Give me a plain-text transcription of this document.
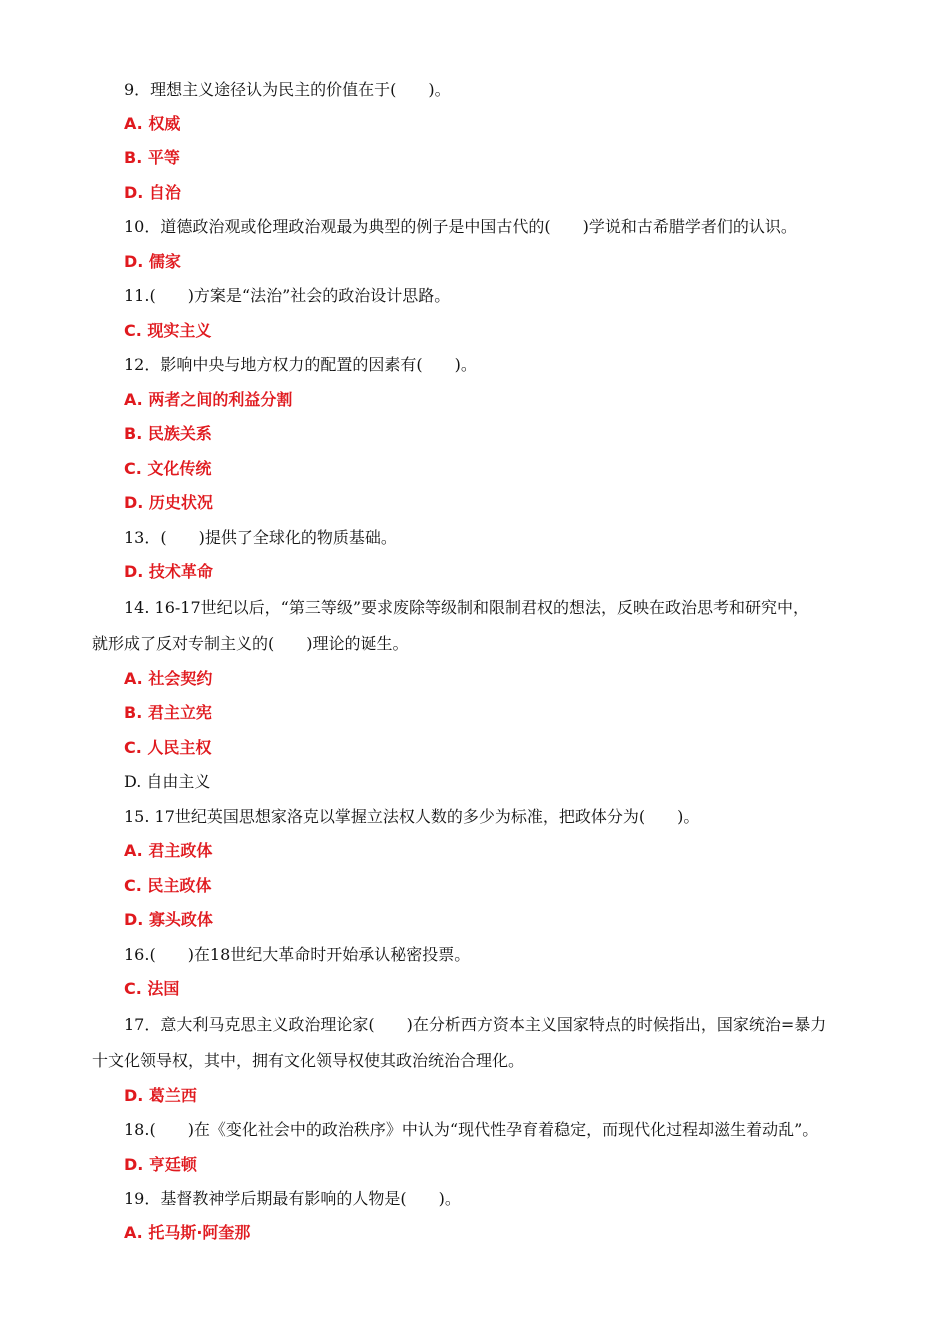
9．理想主义途径认为民主的价值在于(　　)。
A. 权威
B. 平等
D. 自治
10．道德政治观或伦理政治观最为典型的例子是中国古代的(　　)学说和古希腊学者们的认识。
D. 儒家
11.(　　)方案是“法治”社会的政治设计思路。
C. 现实主义
12．影响中央与地方权力的配置的因素有(　　)。
A. 两者之间的利益分割
B. 民族关系
C. 文化传统
D. 历史状况
13．(　　)提供了全球化的物质基础。
D. 技术革命
14. 16-17世纪以后，“第三等级”要求废除等级制和限制君权的想法，反映在政治思考和研究中，
就形成了反对专制主义的(　　)理论的诞生。
A. 社会契约
B. 君主立宪
C. 人民主权
D. 自由主义
15. 17世纪英国思想家洛克以掌握立法权人数的多少为标准，把政体分为(　　)。
A. 君主政体
C. 民主政体
D. 寡头政体
16.(　　)在18世纪大革命时开始承认秘密投票。
C. 法国
17．意大利马克思主义政治理论家(　　)在分析西方资本主义国家特点的时候指出，国家统治=暴力
十文化领导权，其中，拥有文化领导权使其政治统治合理化。
D. 葛兰西
18.(　　)在《变化社会中的政治秩序》中认为“现代性孕育着稳定，而现代化过程却滋生着动乱”。
D. 亨廷顿
19．基督教神学后期最有影响的人物是(　　)。
A. 托马斯·阿奎那
